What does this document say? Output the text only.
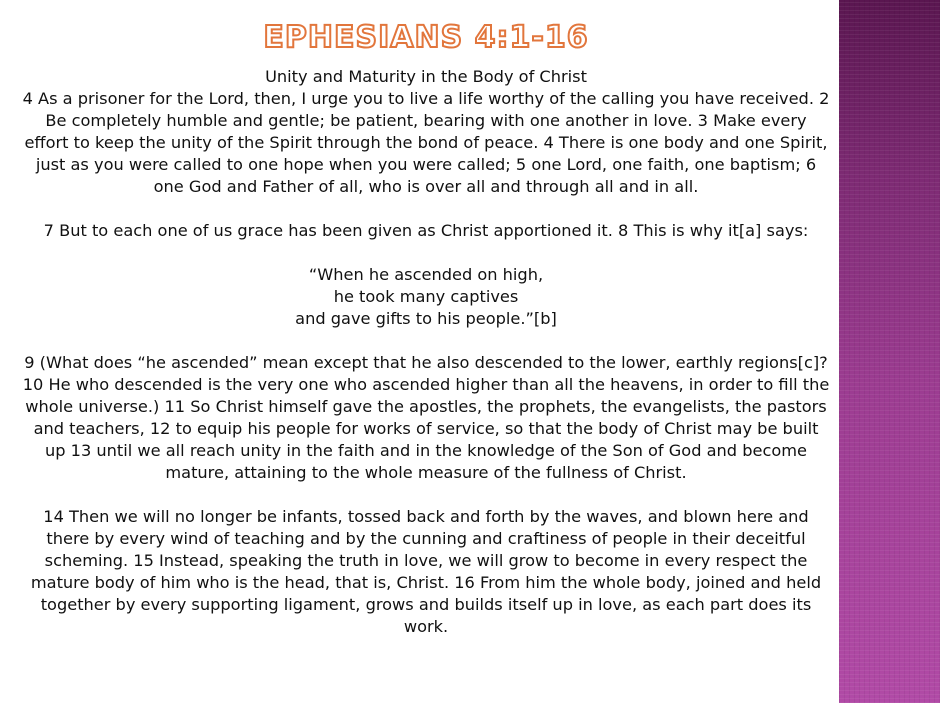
EPHESIANS 4:1-16

Unity and Maturity in the Body of Christ

4 As a prisoner for the Lord, then, I urge you to live a life worthy of the calling you have received. 2 Be completely humble and gentle; be patient, bearing with one another in love. 3 Make every effort to keep the unity of the Spirit through the bond of peace. 4 There is one body and one Spirit, just as you were called to one hope when you were called; 5 one Lord, one faith, one baptism; 6 one God and Father of all, who is over all and through all and in all.

7 But to each one of us grace has been given as Christ apportioned it. 8 This is why it[a] says:

“When he ascended on high,
he took many captives
and gave gifts to his people.”[b]

9 (What does “he ascended” mean except that he also descended to the lower, earthly regions[c]? 10 He who descended is the very one who ascended higher than all the heavens, in order to fill the whole universe.) 11 So Christ himself gave the apostles, the prophets, the evangelists, the pastors and teachers, 12 to equip his people for works of service, so that the body of Christ may be built up 13 until we all reach unity in the faith and in the knowledge of the Son of God and become mature, attaining to the whole measure of the fullness of Christ.

14 Then we will no longer be infants, tossed back and forth by the waves, and blown here and there by every wind of teaching and by the cunning and craftiness of people in their deceitful scheming. 15 Instead, speaking the truth in love, we will grow to become in every respect the mature body of him who is the head, that is, Christ. 16 From him the whole body, joined and held together by every supporting ligament, grows and builds itself up in love, as each part does its work.
